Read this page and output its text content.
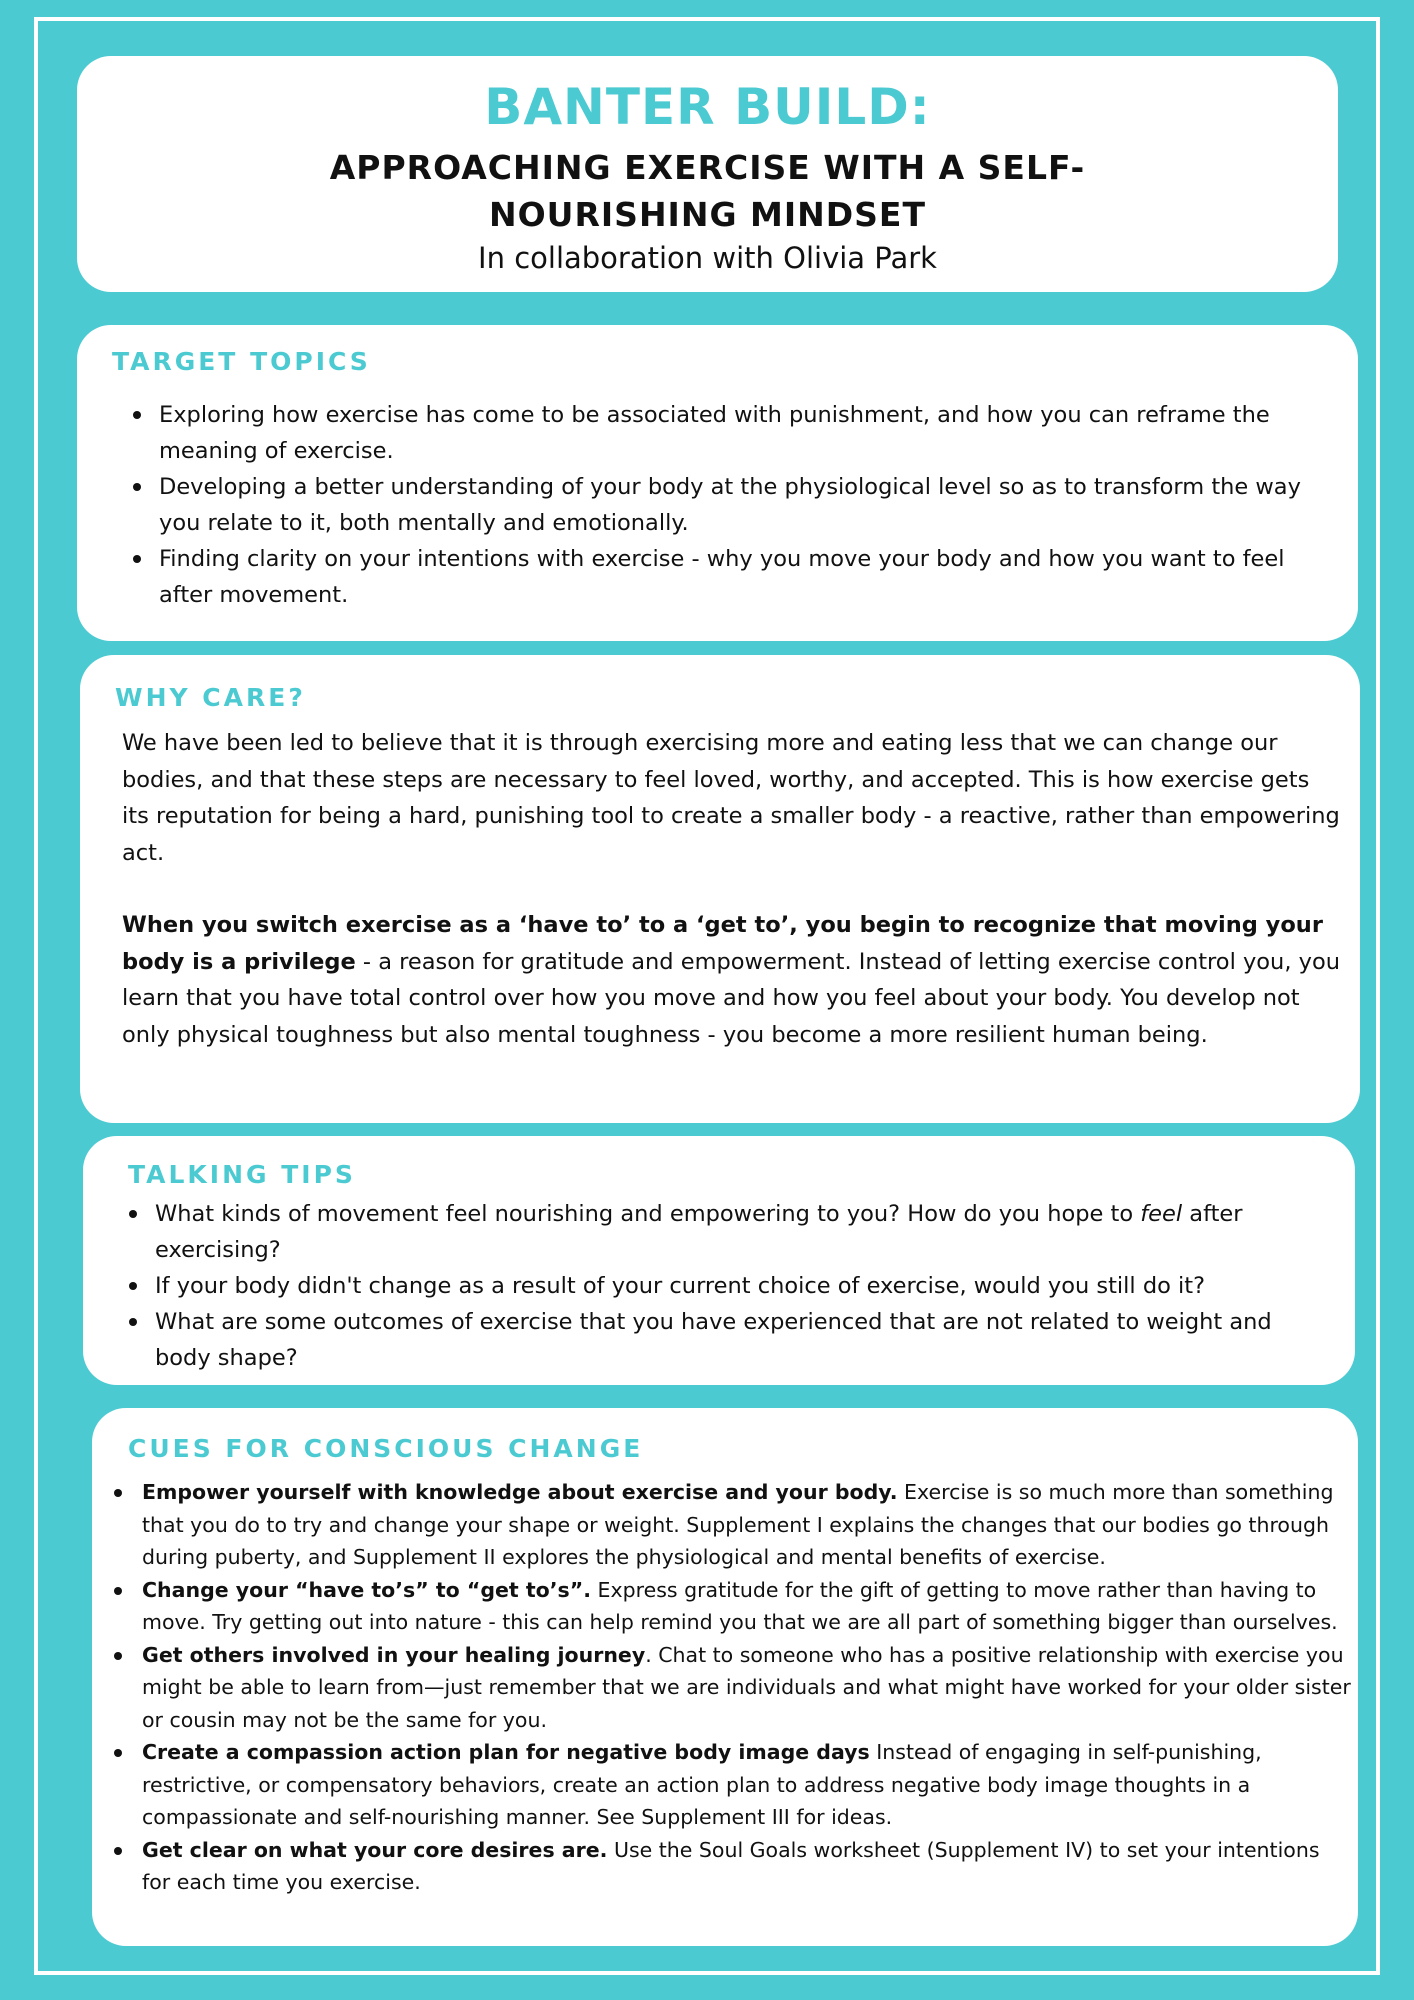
BANTER BUILD:
APPROACHING EXERCISE WITH A SELF-NOURISHING MINDSET
In collaboration with Olivia Park
TARGET TOPICS
Exploring how exercise has come to be associated with punishment, and how you can reframe the meaning of exercise.
Developing a better understanding of your body at the physiological level so as to transform the way you relate to it, both mentally and emotionally.
Finding clarity on your intentions with exercise - why you move your body and how you want to feel after movement.
WHY CARE?

We have been led to believe that it is through exercising more and eating less that we can change our bodies, and that these steps are necessary to feel loved, worthy, and accepted. This is how exercise gets its reputation for being a hard, punishing tool to create a smaller body - a reactive, rather than empowering act.

When you switch exercise as a ‘have to’ to a ‘get to’, you begin to recognize that moving your body is a privilege - a reason for gratitude and empowerment. Instead of letting exercise control you, you learn that you have total control over how you move and how you feel about your body. You develop not only physical toughness but also mental toughness - you become a more resilient human being.

TALKING TIPS
What kinds of movement feel nourishing and empowering to you? How do you hope to feel after exercising?
If your body didn't change as a result of your current choice of exercise, would you still do it?
What are some outcomes of exercise that you have experienced that are not related to weight and body shape?
CUES FOR CONSCIOUS CHANGE
Empower yourself with knowledge about exercise and your body. Exercise is so much more than something that you do to try and change your shape or weight. Supplement I explains the changes that our bodies go through during puberty, and Supplement II explores the physiological and mental benefits of exercise.
Change your “have to’s” to “get to’s”. Express gratitude for the gift of getting to move rather than having to move. Try getting out into nature - this can help remind you that we are all part of something bigger than ourselves.
Get others involved in your healing journey. Chat to someone who has a positive relationship with exercise you might be able to learn from—just remember that we are individuals and what might have worked for your older sister or cousin may not be the same for you.
Create a compassion action plan for negative body image days Instead of engaging in self-punishing, restrictive, or compensatory behaviors, create an action plan to address negative body image thoughts in a compassionate and self-nourishing manner. See Supplement III for ideas.
Get clear on what your core desires are. Use the Soul Goals worksheet (Supplement IV) to set your intentions for each time you exercise.
